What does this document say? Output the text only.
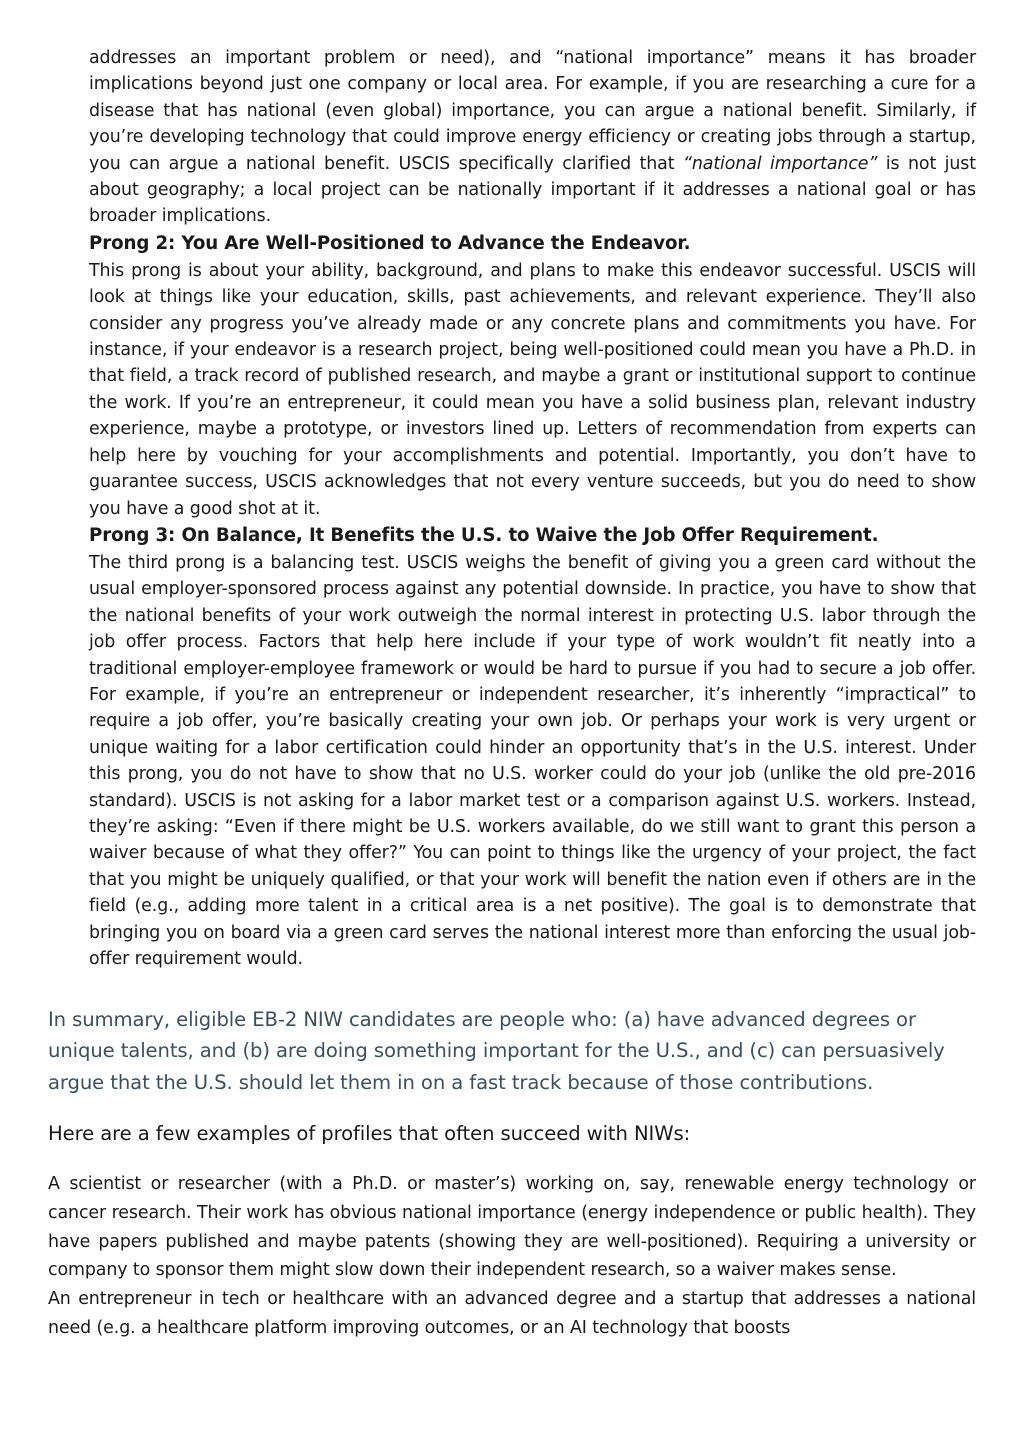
addresses an important problem or need), and “national importance” means it has broader implications beyond just one company or local area. For example, if you are researching a cure for a disease that has national (even global) importance, you can argue a national benefit. Similarly, if you’re developing technology that could improve energy efficiency or creating jobs through a startup, you can argue a national benefit. USCIS specifically clarified that “national importance” is not just about geography; a local project can be nationally important if it addresses a national goal or has broader implications.

Prong 2: You Are Well-Positioned to Advance the Endeavor.

This prong is about your ability, background, and plans to make this endeavor successful. USCIS will look at things like your education, skills, past achievements, and relevant experience. They’ll also consider any progress you’ve already made or any concrete plans and commitments you have. For instance, if your endeavor is a research project, being well-positioned could mean you have a Ph.D. in that field, a track record of published research, and maybe a grant or institutional support to continue the work. If you’re an entrepreneur, it could mean you have a solid business plan, relevant industry experience, maybe a prototype, or investors lined up. Letters of recommendation from experts can help here by vouching for your accomplishments and potential. Importantly, you don’t have to guarantee success, USCIS acknowledges that not every venture succeeds, but you do need to show you have a good shot at it.

Prong 3: On Balance, It Benefits the U.S. to Waive the Job Offer Requirement.

The third prong is a balancing test. USCIS weighs the benefit of giving you a green card without the usual employer-sponsored process against any potential downside. In practice, you have to show that the national benefits of your work outweigh the normal interest in protecting U.S. labor through the job offer process. Factors that help here include if your type of work wouldn’t fit neatly into a traditional employer-employee framework or would be hard to pursue if you had to secure a job offer. For example, if you’re an entrepreneur or independent researcher, it’s inherently “impractical” to require a job offer, you’re basically creating your own job. Or perhaps your work is very urgent or unique waiting for a labor certification could hinder an opportunity that’s in the U.S. interest. Under this prong, you do not have to show that no U.S. worker could do your job (unlike the old pre-2016 standard). USCIS is not asking for a labor market test or a comparison against U.S. workers. Instead, they’re asking: “Even if there might be U.S. workers available, do we still want to grant this person a waiver because of what they offer?” You can point to things like the urgency of your project, the fact that you might be uniquely qualified, or that your work will benefit the nation even if others are in the field (e.g., adding more talent in a critical area is a net positive). The goal is to demonstrate that bringing you on board via a green card serves the national interest more than enforcing the usual job-offer requirement would.

In summary, eligible EB-2 NIW candidates are people who: (a) have advanced degrees or unique talents, and (b) are doing something important for the U.S., and (c) can persuasively argue that the U.S. should let them in on a fast track because of those contributions.

Here are a few examples of profiles that often succeed with NIWs:

A scientist or researcher (with a Ph.D. or master’s) working on, say, renewable energy technology or cancer research. Their work has obvious national importance (energy independence or public health). They have papers published and maybe patents (showing they are well-positioned). Requiring a university or company to sponsor them might slow down their independent research, so a waiver makes sense.

An entrepreneur in tech or healthcare with an advanced degree and a startup that addresses a national need (e.g. a healthcare platform improving outcomes, or an AI technology that boosts
